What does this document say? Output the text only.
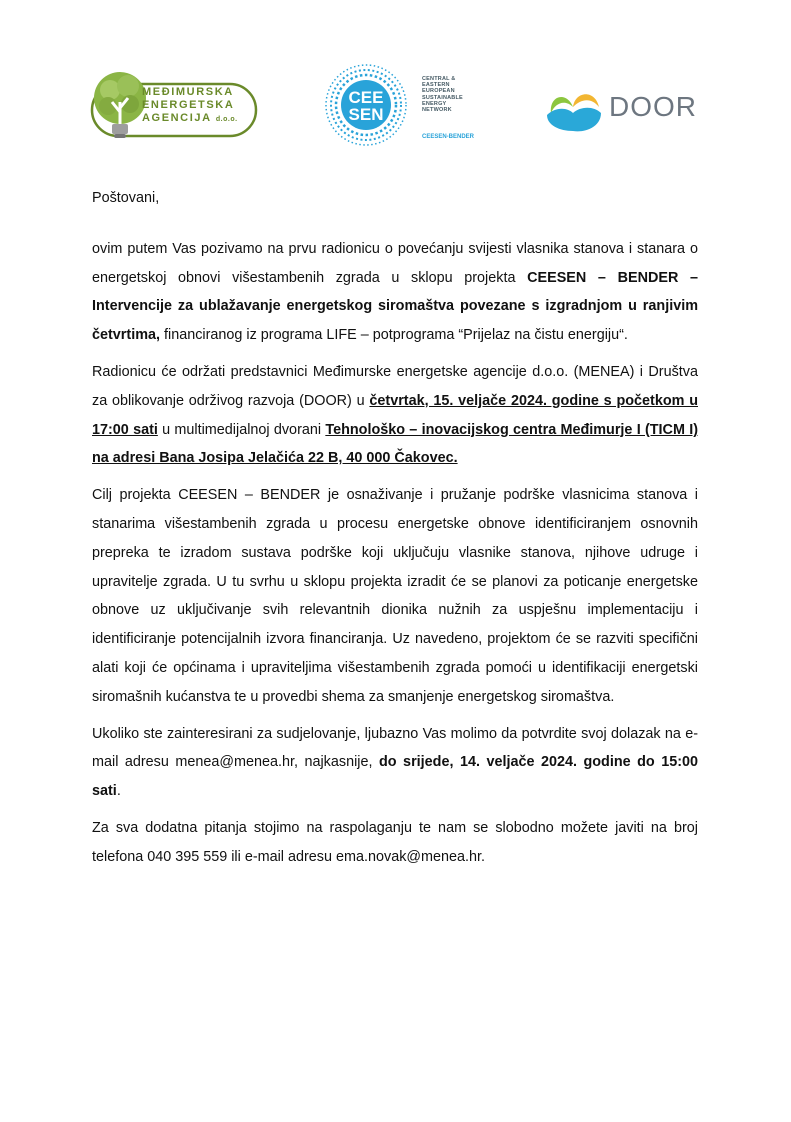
MEĐIMURSKA
ENERGETSKA
AGENCIJA d.o.o.
CEE
SEN
CENTRAL &
EASTERN
EUROPEAN
SUSTAINABLE
ENERGY
NETWORK
CEESEN-BENDER
DOOR

Poštovani,

ovim putem Vas pozivamo na prvu radionicu o povećanju svijesti vlasnika stanova i stanara o energetskoj obnovi višestambenih zgrada u sklopu projekta CEESEN – BENDER – Intervencije za ublažavanje energetskog siromaštva povezane s izgradnjom u ranjivim četvrtima, financiranog iz programa LIFE – potprograma “Prijelaz na čistu energiju“.

Radionicu će održati predstavnici Međimurske energetske agencije d.o.o. (MENEA) i Društva za oblikovanje održivog razvoja (DOOR) u četvrtak, 15. veljače 2024. godine s početkom u 17:00 sati u multimedijalnoj dvorani Tehnološko – inovacijskog centra Međimurje I (TICM I) na adresi Bana Josipa Jelačića 22 B, 40 000 Čakovec.

Cilj projekta CEESEN – BENDER je osnaživanje i pružanje podrške vlasnicima stanova i stanarima višestambenih zgrada u procesu energetske obnove identificiranjem osnovnih prepreka te izradom sustava podrške koji uključuju vlasnike stanova, njihove udruge i upravitelje zgrada. U tu svrhu u sklopu projekta izradit će se planovi za poticanje energetske obnove uz uključivanje svih relevantnih dionika nužnih za uspješnu implementaciju i identificiranje potencijalnih izvora financiranja. Uz navedeno, projektom će se razviti specifični alati koji će općinama i upraviteljima višestambenih zgrada pomoći u identifikaciji energetski siromašnih kućanstva te u provedbi shema za smanjenje energetskog siromaštva.

Ukoliko ste zainteresirani za sudjelovanje, ljubazno Vas molimo da potvrdite svoj dolazak na e-mail adresu menea@menea.hr, najkasnije, do srijede, 14. veljače 2024. godine do 15:00 sati.

Za sva dodatna pitanja stojimo na raspolaganju te nam se slobodno možete javiti na broj telefona 040 395 559 ili e-mail adresu ema.novak@menea.hr.
